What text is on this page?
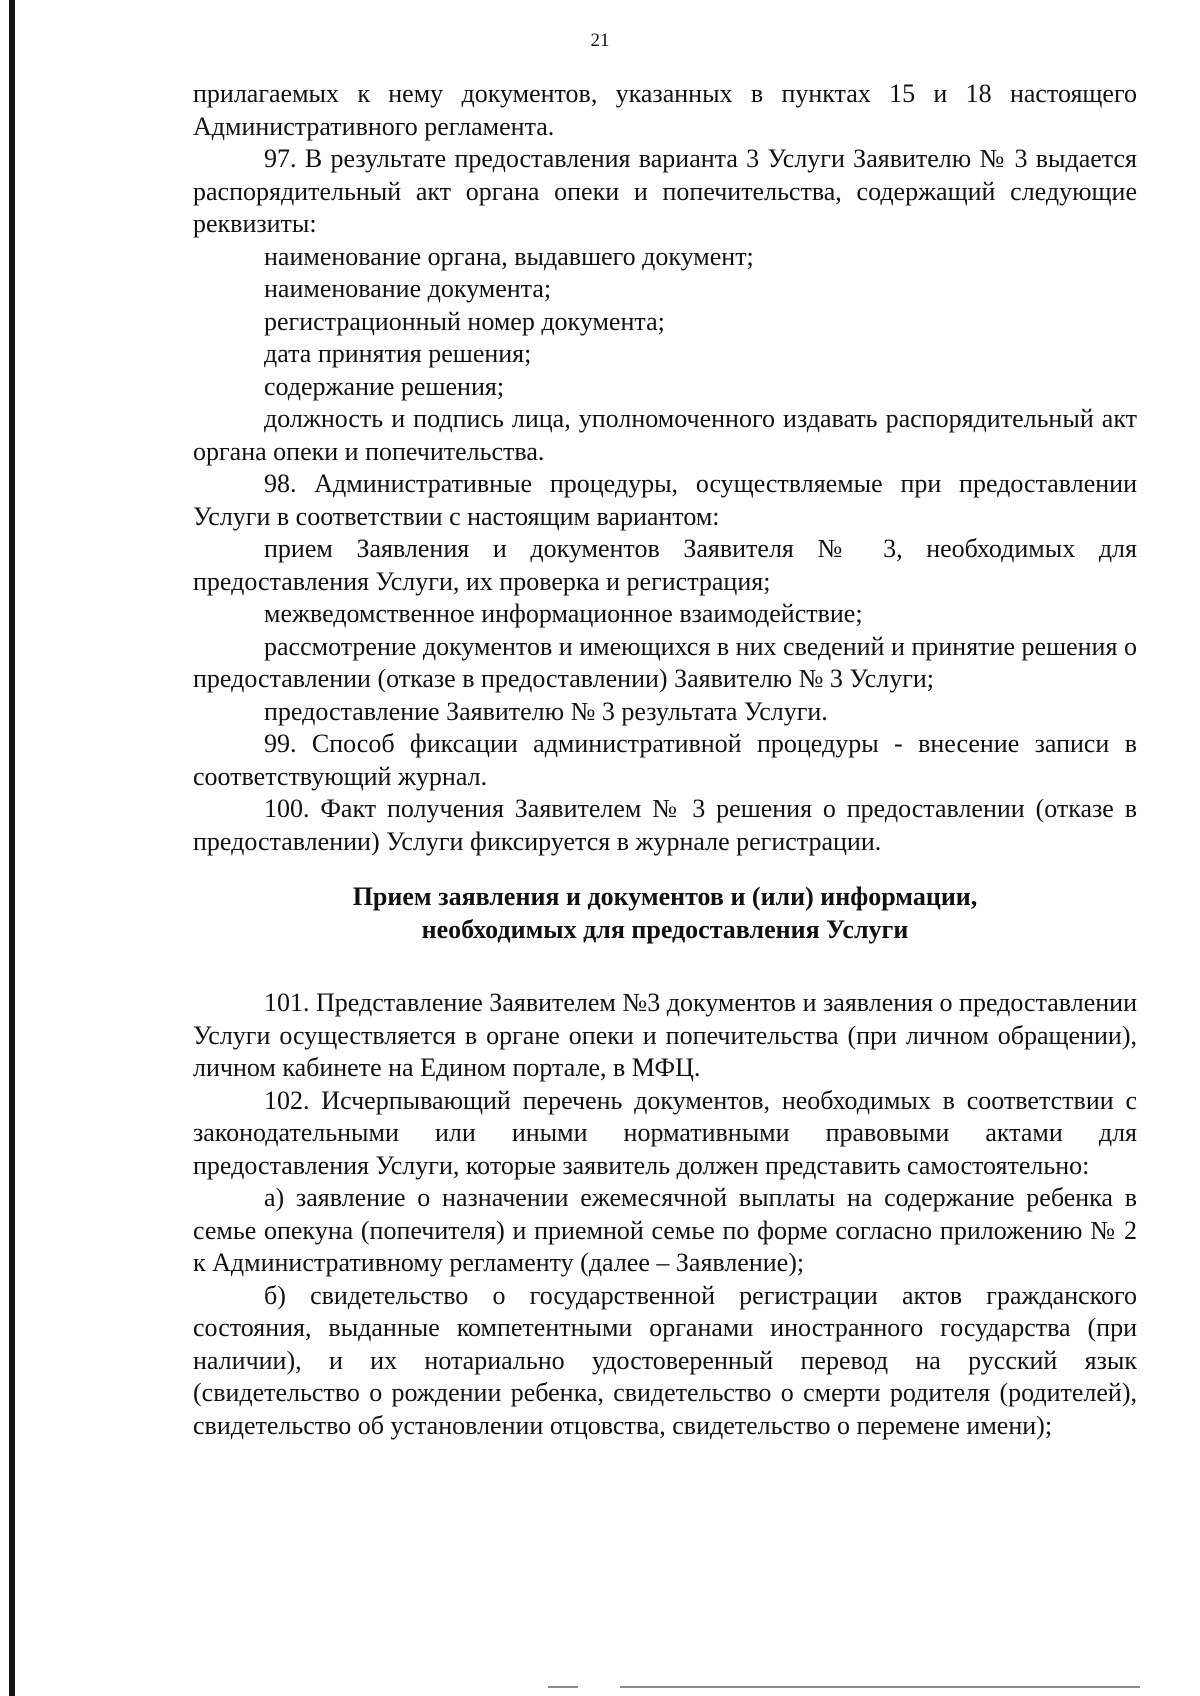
21

прилагаемых к нему документов, указанных в пунктах 15 и 18 настоящего Административного регламента.

97. В результате предоставления варианта 3 Услуги Заявителю № 3 выдается распорядительный акт органа опеки и попечительства, содержащий следующие реквизиты:

наименование органа, выдавшего документ;

наименование документа;

регистрационный номер документа;

дата принятия решения;

содержание решения;

должность и подпись лица, уполномоченного издавать распорядительный акт органа опеки и попечительства.

98. Административные процедуры, осуществляемые при предоставлении Услуги в соответствии с настоящим вариантом:

прием Заявления и документов Заявителя № 3, необходимых для предоставления Услуги, их проверка и регистрация;

межведомственное информационное взаимодействие;

рассмотрение документов и имеющихся в них сведений и принятие решения о предоставлении (отказе в предоставлении) Заявителю № 3 Услуги;

предоставление Заявителю № 3 результата Услуги.

99. Способ фиксации административной процедуры - внесение записи в соответствующий журнал.

100. Факт получения Заявителем № 3 решения о предоставлении (отказе в предоставлении) Услуги фиксируется в журнале регистрации.

Прием заявления и документов и (или) информации,
необходимых для предоставления Услуги

101. Представление Заявителем №3 документов и заявления о предоставлении Услуги осуществляется в органе опеки и попечительства (при личном обращении), личном кабинете на Едином портале, в МФЦ.

102. Исчерпывающий перечень документов, необходимых в соответствии с законодательными или иными нормативными правовыми актами для предоставления Услуги, которые заявитель должен представить самостоятельно:

а) заявление о назначении ежемесячной выплаты на содержание ребенка в семье опекуна (попечителя) и приемной семье по форме согласно приложению № 2 к Административному регламенту (далее – Заявление);

б) свидетельство о государственной регистрации актов гражданского состояния, выданные компетентными органами иностранного государства (при наличии), и их нотариально удостоверенный перевод на русский язык (свидетельство о рождении ребенка, свидетельство о смерти родителя (родителей), свидетельство об установлении отцовства, свидетельство о перемене имени);
